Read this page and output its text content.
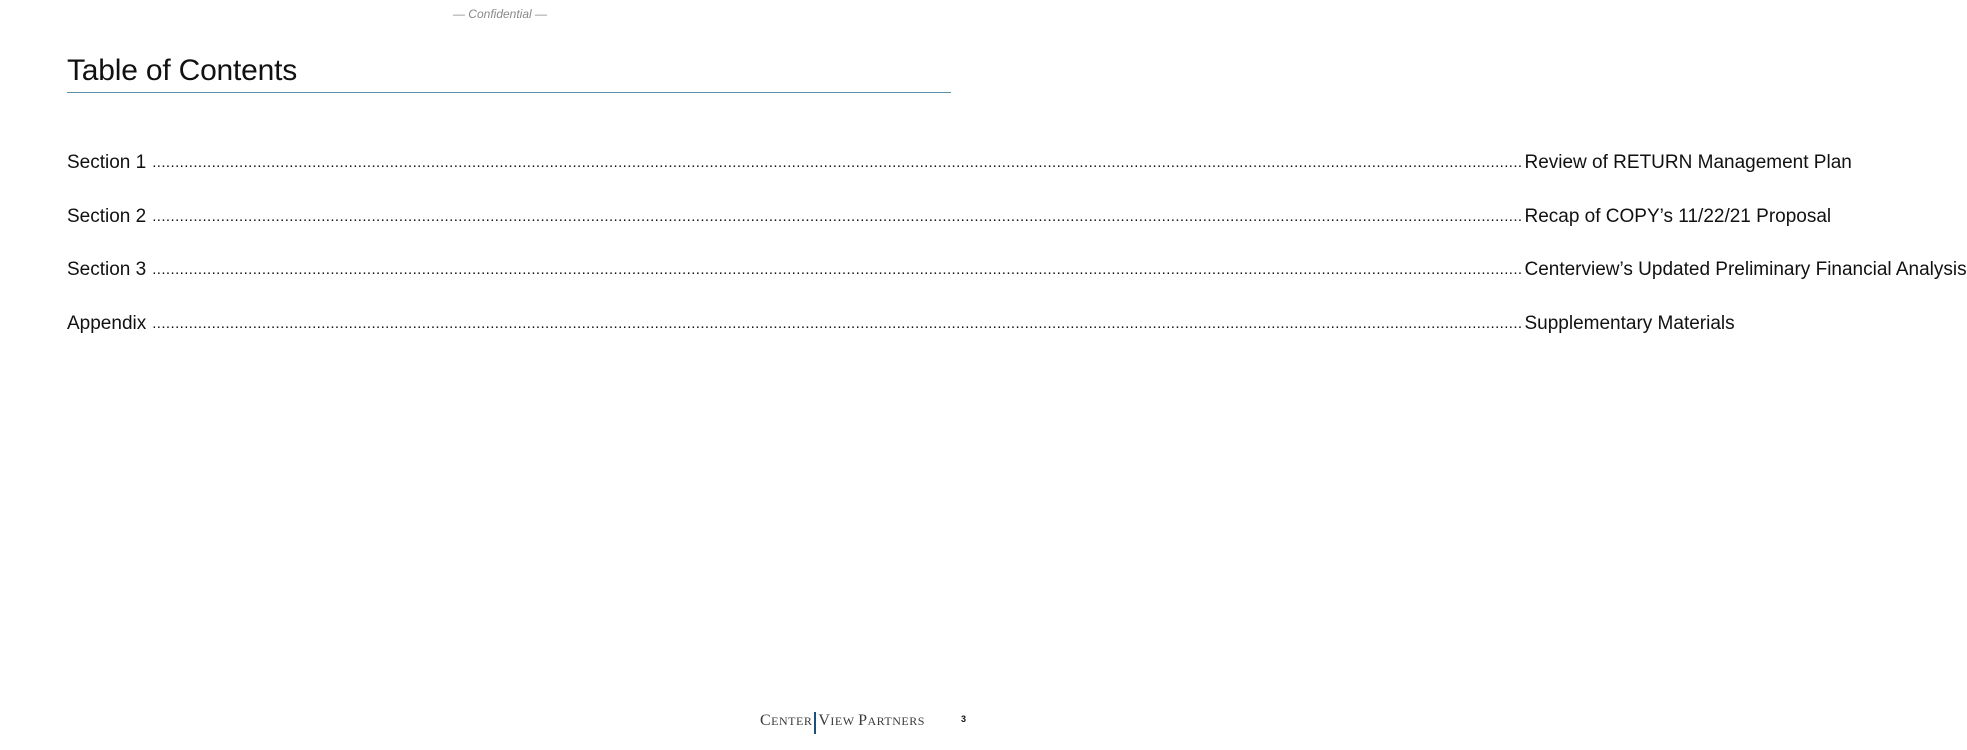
— Confidential —
Table of Contents
Section 1 ............................................................................................................................................................................................................................................................................................................ Review of RETURN Management Plan
Section 2 ............................................................................................................................................................................................................................................................................................................ Recap of COPY’s 11/22/21 Proposal
Section 3 ............................................................................................................................................................................................................................................................................................................ Centerview’s Updated Preliminary Financial Analysis
Appendix ............................................................................................................................................................................................................................................................................................................ Supplementary Materials
C ENTER V IEW
P ARTNERS	3
